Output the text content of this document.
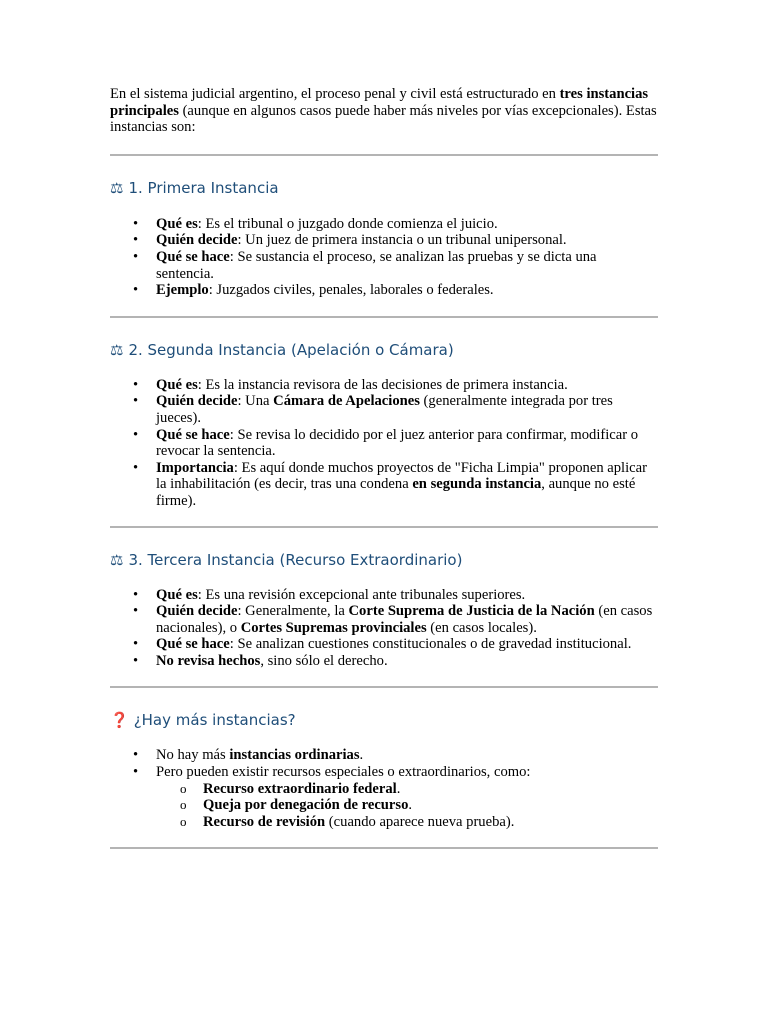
En el sistema judicial argentino, el proceso penal y civil está estructurado en tres instancias principales (aunque en algunos casos puede haber más niveles por vías excepcionales). Estas instancias son:

⚖ 1. Primera Instancia
• Qué es: Es el tribunal o juzgado donde comienza el juicio.
• Quién decide: Un juez de primera instancia o un tribunal unipersonal.
• Qué se hace: Se sustancia el proceso, se analizan las pruebas y se dicta una sentencia.
• Ejemplo: Juzgados civiles, penales, laborales o federales.
⚖ 2. Segunda Instancia (Apelación o Cámara)
• Qué es: Es la instancia revisora de las decisiones de primera instancia.
• Quién decide: Una Cámara de Apelaciones (generalmente integrada por tres jueces).
• Qué se hace: Se revisa lo decidido por el juez anterior para confirmar, modificar o revocar la sentencia.
• Importancia: Es aquí donde muchos proyectos de "Ficha Limpia" proponen aplicar la inhabilitación (es decir, tras una condena en segunda instancia, aunque no esté firme).
⚖ 3. Tercera Instancia (Recurso Extraordinario)
• Qué es: Es una revisión excepcional ante tribunales superiores.
• Quién decide: Generalmente, la Corte Suprema de Justicia de la Nación (en casos nacionales), o Cortes Supremas provinciales (en casos locales).
• Qué se hace: Se analizan cuestiones constitucionales o de gravedad institucional.
• No revisa hechos, sino sólo el derecho.
❓ ¿Hay más instancias?
• No hay más instancias ordinarias.
• Pero pueden existir recursos especiales o extraordinarios, como:
o Recurso extraordinario federal.
o Queja por denegación de recurso.
o Recurso de revisión (cuando aparece nueva prueba).
